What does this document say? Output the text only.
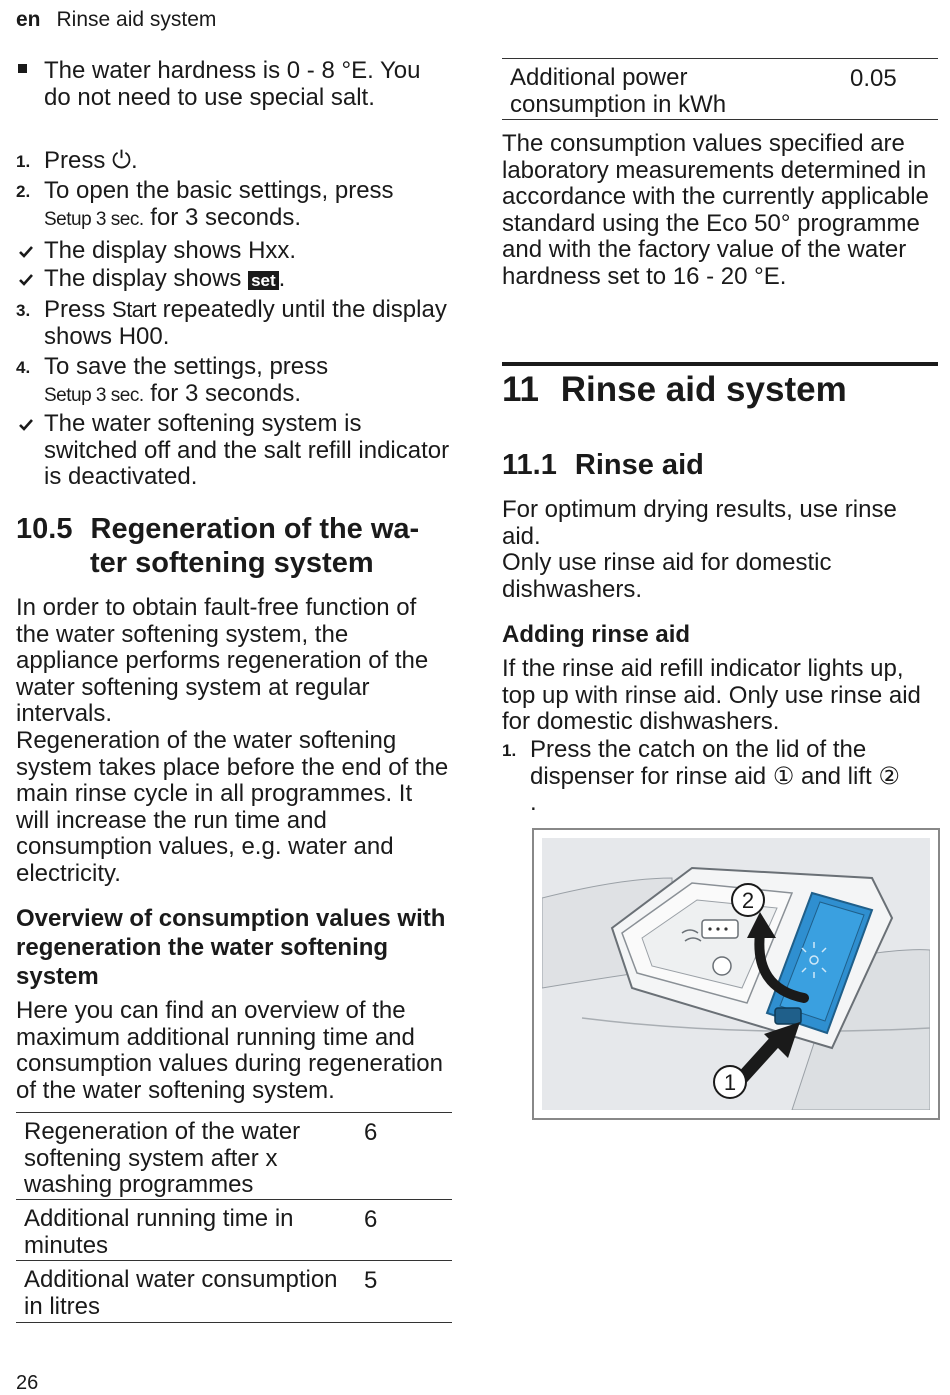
en Rinse aid system
The water hardness is 0 - 8 °E. You do not need to use special salt.
1. Press ⏻.
2. To open the basic settings, press
Setup 3 sec. for 3 seconds.
The display shows Hxx.
The display shows set .
3. Press Start repeatedly until the display shows H00.
4. To save the settings, press
Setup 3 sec. for 3 seconds.
The water softening system is switched off and the salt refill indicator is deactivated.
10.5 Regeneration of the wa-
ter softening system

In order to obtain fault-free function of the water softening system, the appliance performs regeneration of the water softening system at regular intervals.

Regeneration of the water softening system takes place before the end of the main rinse cycle in all programmes. It will increase the run time and consumption values, e.g. water and electricity.

Overview of consumption values with regeneration the water softening system

Here you can find an overview of the maximum additional running time and consumption values during regeneration of the water softening system.

Regeneration of the water softening system after x washing programmes
6
Additional running time in minutes
6
Additional water consumption in litres
5
Additional power consumption in kWh
0.05

The consumption values specified are laboratory measurements determined in accordance with the currently applicable standard using the Eco 50° programme and with the factory value of the water hardness set to 16 - 20 °E.

11 Rinse aid system
11.1 Rinse aid

For optimum drying results, use rinse aid.

Only use rinse aid for domestic dishwashers.

Adding rinse aid

If the rinse aid refill indicator lights up, top up with rinse aid. Only use rinse aid for domestic dishwashers.

1. Press the catch on the lid of the dispenser for rinse aid ① and lift ②
.
2
1
26
